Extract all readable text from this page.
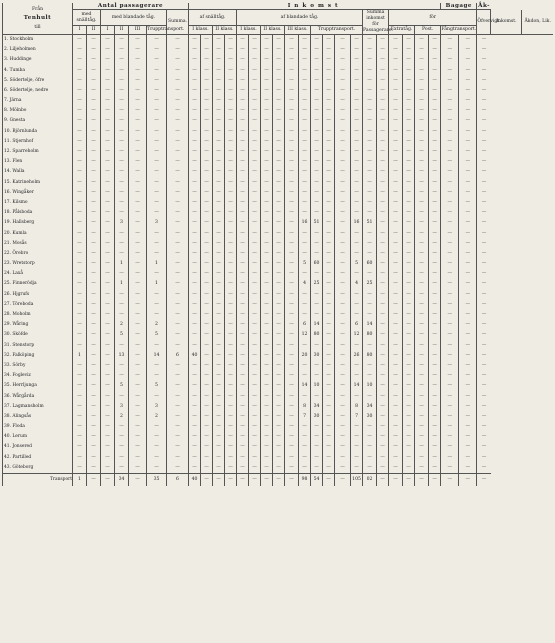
Från
Tenhult
till	Antal passagerare							Inkomst																				Bagage		Åk-		
	med snälltåg.		med blandade tåg.				Summa.	af snälltåg.				af blandade tåg.										Summa inkomst för Passagerare.		för						Öfvervigt.	Inkomst.	Åkdon, Lik.
	I	II	I	II	III	Trupptransport.		I klass.		II klass.		I klass.		II klass.		III klass.		Trupptransport.						Extratåg.		Post.		Fångtransport.				
1. Stockholm	—	—	—	—	—	—	—	—	—	—	—	—	—	—	—	—	—	—	—	—	—	—	—	—	—	—	—	—	—	—		
2. Liljeholmen	—	—	—	—	—	—	—	—	—	—	—	—	—	—	—	—	—	—	—	—	—	—	—	—	—	—	—	—	—	—		
3. Huddinge	—	—	—	—	—	—	—	—	—	—	—	—	—	—	—	—	—	—	—	—	—	—	—	—	—	—	—	—	—	—		
4. Tumba	—	—	—	—	—	—	—	—	—	—	—	—	—	—	—	—	—	—	—	—	—	—	—	—	—	—	—	—	—	—		
5. Södertelje, öfre	—	—	—	—	—	—	—	—	—	—	—	—	—	—	—	—	—	—	—	—	—	—	—	—	—	—	—	—	—	—		
6. Södertelje, nedre	—	—	—	—	—	—	—	—	—	—	—	—	—	—	—	—	—	—	—	—	—	—	—	—	—	—	—	—	—	—		
7. Järna	—	—	—	—	—	—	—	—	—	—	—	—	—	—	—	—	—	—	—	—	—	—	—	—	—	—	—	—	—	—		
8. Mölnbo	—	—	—	—	—	—	—	—	—	—	—	—	—	—	—	—	—	—	—	—	—	—	—	—	—	—	—	—	—	—		
9. Gnesta	—	—	—	—	—	—	—	—	—	—	—	—	—	—	—	—	—	—	—	—	—	—	—	—	—	—	—	—	—	—		
10. Björnlunda	—	—	—	—	—	—	—	—	—	—	—	—	—	—	—	—	—	—	—	—	—	—	—	—	—	—	—	—	—	—		
11. Stjernhof	—	—	—	—	—	—	—	—	—	—	—	—	—	—	—	—	—	—	—	—	—	—	—	—	—	—	—	—	—	—		
12. Sparreholm	—	—	—	—	—	—	—	—	—	—	—	—	—	—	—	—	—	—	—	—	—	—	—	—	—	—	—	—	—	—		
13. Flen	—	—	—	—	—	—	—	—	—	—	—	—	—	—	—	—	—	—	—	—	—	—	—	—	—	—	—	—	—	—		
14. Walla	—	—	—	—	—	—	—	—	—	—	—	—	—	—	—	—	—	—	—	—	—	—	—	—	—	—	—	—	—	—		
15. Katrineholm	—	—	—	—	—	—	—	—	—	—	—	—	—	—	—	—	—	—	—	—	—	—	—	—	—	—	—	—	—	—		
16. Wingåker	—	—	—	—	—	—	—	—	—	—	—	—	—	—	—	—	—	—	—	—	—	—	—	—	—	—	—	—	—	—		
17. Kilsmo	—	—	—	—	—	—	—	—	—	—	—	—	—	—	—	—	—	—	—	—	—	—	—	—	—	—	—	—	—	—		
18. Pålsboda	—	—	—	—	—	—	—	—	—	—	—	—	—	—	—	—	—	—	—	—	—	—	—	—	—	—	—	—	—	—		
19. Hallsberg	—	—	—	3	—	3	—	—	—	—	—	—	—	—	—	—	16	51	—	—	16	51	—	—	—	—	—	—	—	—		
20. Kumla	—	—	—	—	—	—	—	—	—	—	—	—	—	—	—	—	—	—	—	—	—	—	—	—	—	—	—	—	—	—		
21. Mosås	—	—	—	—	—	—	—	—	—	—	—	—	—	—	—	—	—	—	—	—	—	—	—	—	—	—	—	—	—	—		
22. Örebro	—	—	—	—	—	—	—	—	—	—	—	—	—	—	—	—	—	—	—	—	—	—	—	—	—	—	—	—	—	—		
23. Wretstorp	—	—	—	1	—	1	—	—	—	—	—	—	—	—	—	—	5	60	—	—	5	60	—	—	—	—	—	—	—	—		
24. Laxå	—	—	—	—	—	—	—	—	—	—	—	—	—	—	—	—	—	—	—	—	—	—	—	—	—	—	—	—	—	—		
25. Finnerödja	—	—	—	1	—	1	—	—	—	—	—	—	—	—	—	—	4	25	—	—	4	25	—	—	—	—	—	—	—	—		
26. Hjgrufs	—	—	—	—	—	—	—	—	—	—	—	—	—	—	—	—	—	—	—	—	—	—	—	—	—	—	—	—	—	—		
27. Töreboda	—	—	—	—	—	—	—	—	—	—	—	—	—	—	—	—	—	—	—	—	—	—	—	—	—	—	—	—	—	—		
28. Moholm	—	—	—	—	—	—	—	—	—	—	—	—	—	—	—	—	—	—	—	—	—	—	—	—	—	—	—	—	—	—		
29. Wåring	—	—	—	2	—	2	—	—	—	—	—	—	—	—	—	—	6	14	—	—	6	14	—	—	—	—	—	—	—	—		
30. Sköfde	—	—	—	5	—	5	—	—	—	—	—	—	—	—	—	—	12	80	—	—	12	80	—	—	—	—	—	—	—	—		
31. Stenstorp	—	—	—	—	—	—	—	—	—	—	—	—	—	—	—	—	—	—	—	—	—	—	—	—	—	—	—	—	—	—		
32. Falköping	1	—	—	13	—	14	6	40	—	—	—	—	—	—	—	—	20	30	—	—	26	80	—	—	—	—	—	—	—	—		
33. Sörby	—	—	—	—	—	—	—	—	—	—	—	—	—	—	—	—	—	—	—	—	—	—	—	—	—	—	—	—	—	—		
34. Fogleviz	—	—	—	—	—	—	—	—	—	—	—	—	—	—	—	—	—	—	—	—	—	—	—	—	—	—	—	—	—	—		
35. Herrljunga	—	—	—	5	—	5	—	—	—	—	—	—	—	—	—	—	14	10	—	—	14	10	—	—	—	—	—	—	—	—		
36. Wårgårda	—	—	—	—	—	—	—	—	—	—	—	—	—	—	—	—	—	—	—	—	—	—	—	—	—	—	—	—	—	—		
37. Lagmansholm	—	—	—	3	—	3	—	—	—	—	—	—	—	—	—	—	8	34	—	—	8	34	—	—	—	—	—	—	—	—		
38. Alingsås	—	—	—	2	—	2	—	—	—	—	—	—	—	—	—	—	7	30	—	—	7	30	—	—	—	—	—	—	—	—		
39. Floda	—	—	—	—	—	—	—	—	—	—	—	—	—	—	—	—	—	—	—	—	—	—	—	—	—	—	—	—	—	—		
40. Lerum	—	—	—	—	—	—	—	—	—	—	—	—	—	—	—	—	—	—	—	—	—	—	—	—	—	—	—	—	—	—		
41. Jonsered	—	—	—	—	—	—	—	—	—	—	—	—	—	—	—	—	—	—	—	—	—	—	—	—	—	—	—	—	—	—		
42. Partilled	—	—	—	—	—	—	—	—	—	—	—	—	—	—	—	—	—	—	—	—	—	—	—	—	—	—	—	—	—	—		
43. Göteborg	—	—	—	—	—	—	—	—	—	—	—	—	—	—	—	—	—	—	—	—	—	—	—	—	—	—	—	—	—	—		
Transport	1	—	—	34	—	35	6	40	—	—	—	—	—	—	—	—	98	54	—	—	105	02	—	—	—	—	—	—	—	—		
